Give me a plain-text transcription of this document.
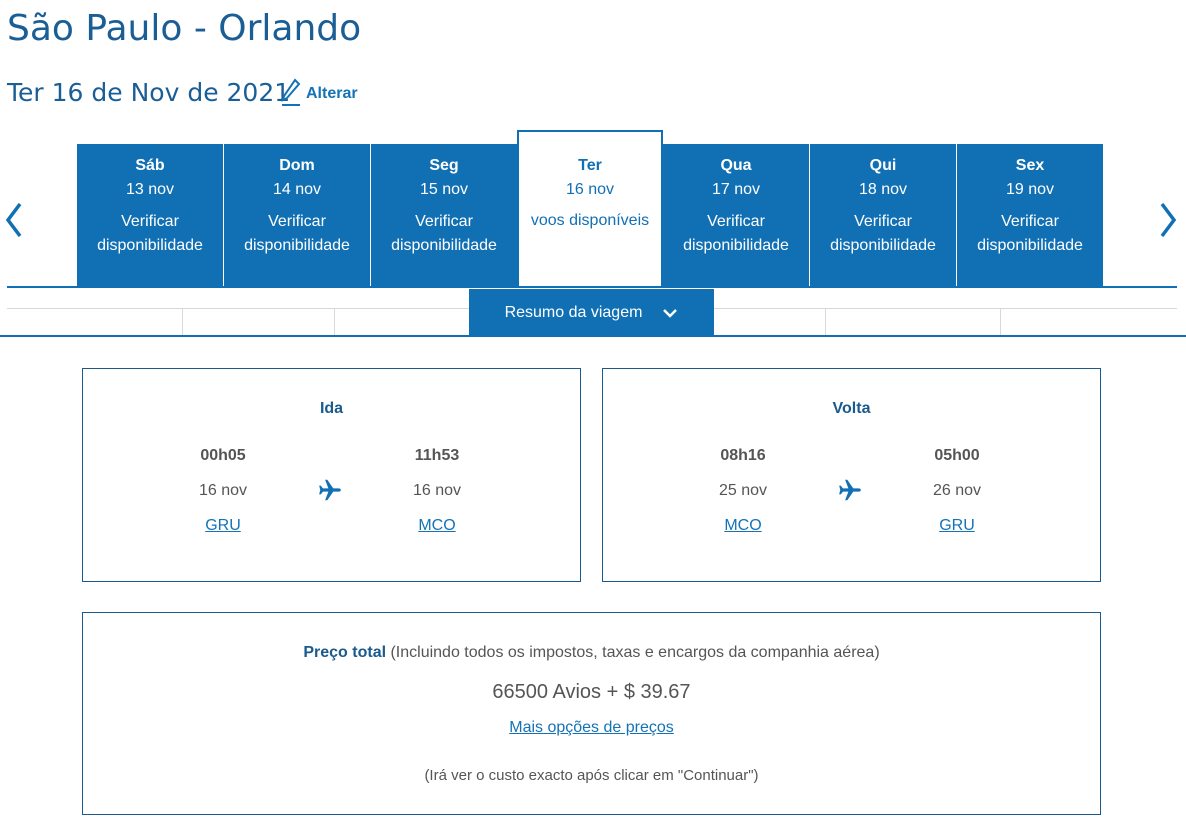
São Paulo - Orlando
Ter 16 de Nov de 2021 Alterar
Sáb
13 nov
Verificar disponibilidade
Dom
14 nov
Verificar disponibilidade
Seg
15 nov
Verificar disponibilidade
Ter
16 nov
voos disponíveis
Qua
17 nov
Verificar disponibilidade
Qui
18 nov
Verificar disponibilidade
Sex
19 nov
Verificar disponibilidade
Resumo da viagem
Ida
00h05
16 nov
GRU
11h53
16 nov
MCO
Volta
08h16
25 nov
MCO
05h00
26 nov
GRU
Preço total (Incluindo todos os impostos, taxas e encargos da companhia aérea)
66500 Avios + $ 39.67
Mais opções de preços
(Irá ver o custo exacto após clicar em "Continuar")
